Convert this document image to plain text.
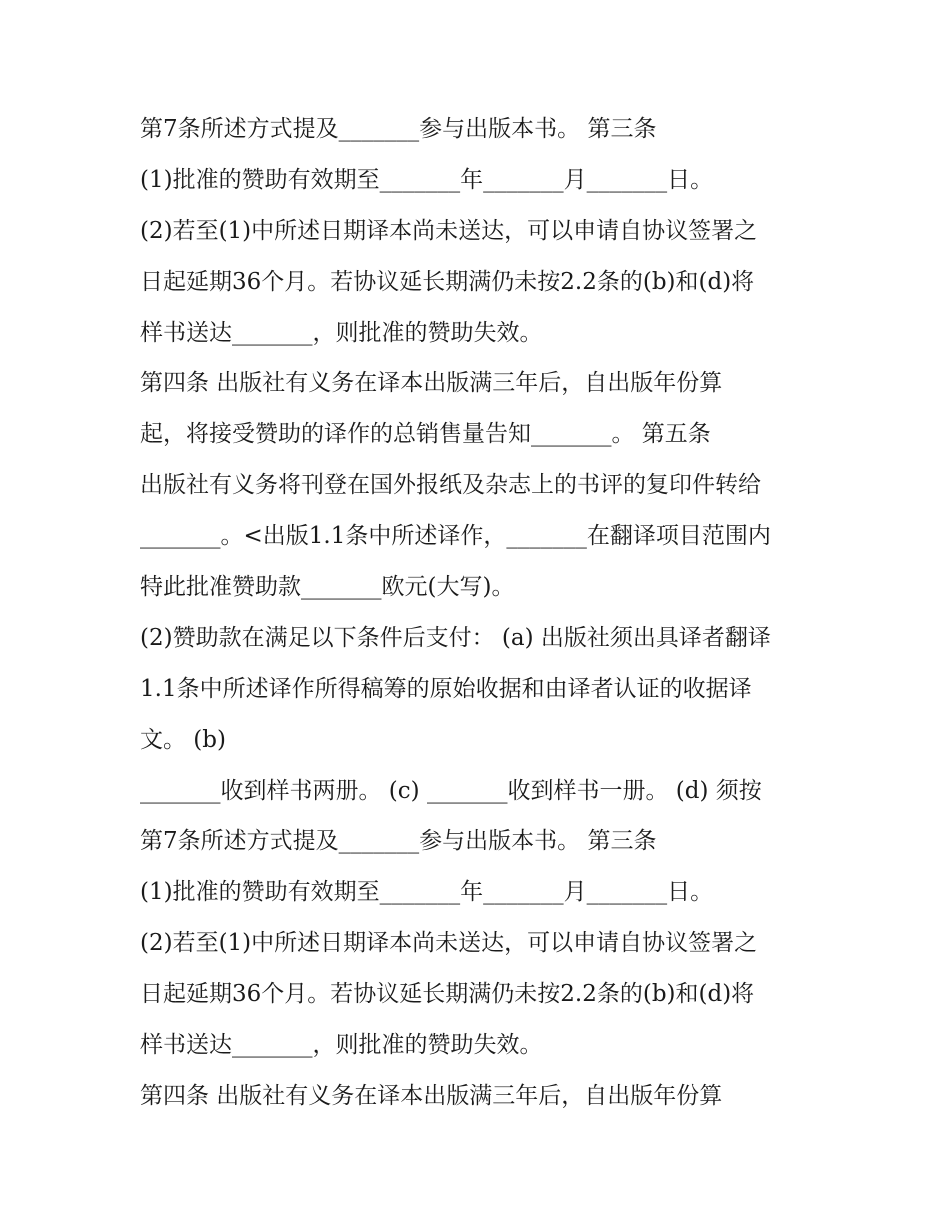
第7条所述方式提及_______参与出版本书。 第三条
(1)批准的赞助有效期至_______年_______月_______日。
(2)若至(1)中所述日期译本尚未送达，可以申请自协议签署之
日起延期36个月。若协议延长期满仍未按2.2条的(b)和(d)将
样书送达_______，则批准的赞助失效。
第四条 出版社有义务在译本出版满三年后，自出版年份算
起，将接受赞助的译作的总销售量告知_______。 第五条
出版社有义务将刊登在国外报纸及杂志上的书评的复印件转给
_______。<出版1.1条中所述译作，_______在翻译项目范围内
特此批准赞助款_______欧元(大写)。
(2)赞助款在满足以下条件后支付： (a) 出版社须出具译者翻译
1.1条中所述译作所得稿筹的原始收据和由译者认证的收据译
文。 (b)
_______收到样书两册。 (c) _______收到样书一册。 (d) 须按
第7条所述方式提及_______参与出版本书。 第三条
(1)批准的赞助有效期至_______年_______月_______日。
(2)若至(1)中所述日期译本尚未送达，可以申请自协议签署之
日起延期36个月。若协议延长期满仍未按2.2条的(b)和(d)将
样书送达_______，则批准的赞助失效。
第四条 出版社有义务在译本出版满三年后，自出版年份算
